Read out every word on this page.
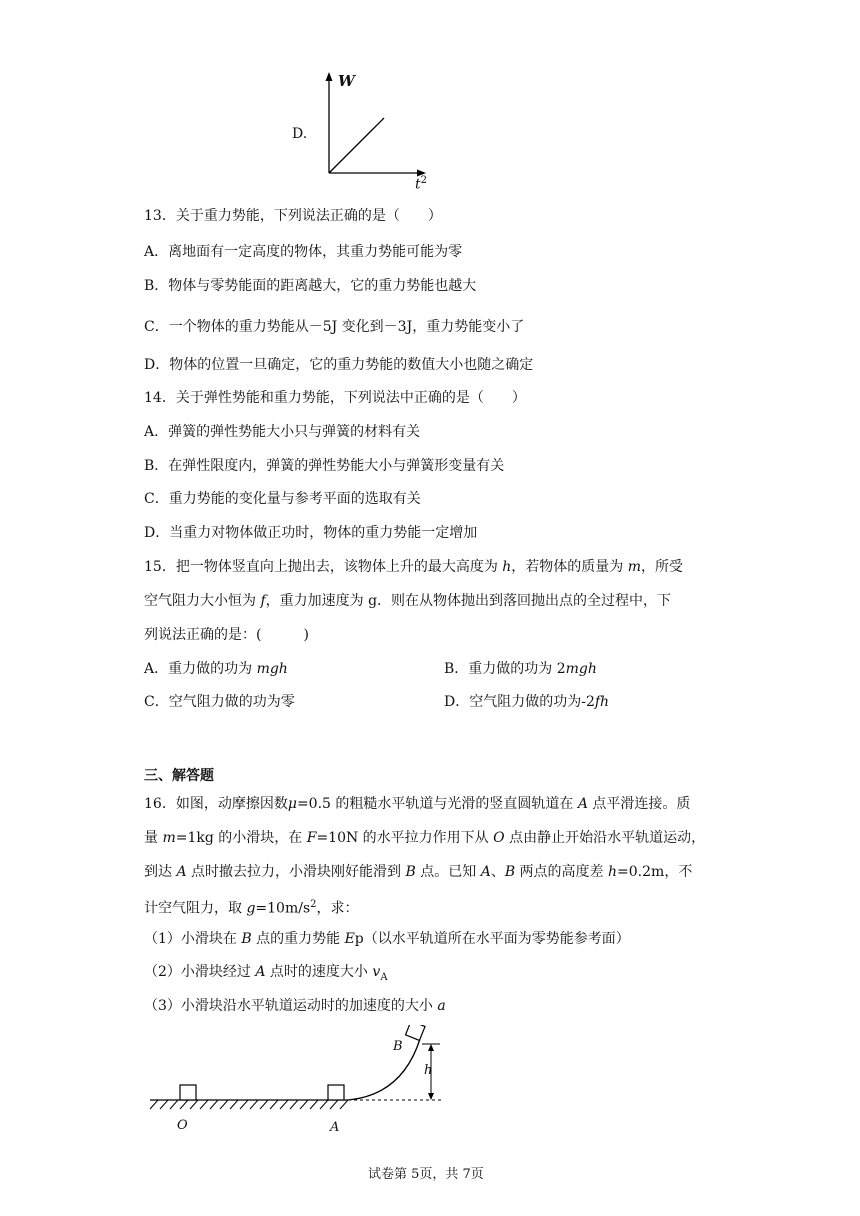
D.
W
$t^2$
13．关于重力势能，下列说法正确的是（　　）
A．离地面有一定高度的物体，其重力势能可能为零
B．物体与零势能面的距离越大，它的重力势能也越大
C．一个物体的重力势能从－5J 变化到－3J，重力势能变小了
D．物体的位置一旦确定，它的重力势能的数值大小也随之确定
14．关于弹性势能和重力势能，下列说法中正确的是（　　）
A．弹簧的弹性势能大小只与弹簧的材料有关
B．在弹性限度内，弹簧的弹性势能大小与弹簧形变量有关
C．重力势能的变化量与参考平面的选取有关
D．当重力对物体做正功时，物体的重力势能一定增加
15．把一物体竖直向上抛出去，该物体上升的最大高度为 h，若物体的质量为 m，所受
空气阻力大小恒为 f，重力加速度为 g．则在从物体抛出到落回抛出点的全过程中，下
列说法正确的是：(　　　)
A．重力做的功为 mgh	B．重力做的功为 2mgh
C．空气阻力做的功为零	D．空气阻力做的功为-2fh
三、解答题
16．如图，动摩擦因数μ=0.5 的粗糙水平轨道与光滑的竖直圆轨道在 A 点平滑连接。质
量 m=1kg 的小滑块，在 F=10N 的水平拉力作用下从 O 点由静止开始沿水平轨道运动，
到达 A 点时撤去拉力，小滑块刚好能滑到 B 点。已知 A、B 两点的高度差 h=0.2m，不
计空气阻力，取 $g=10m/s^2$，求：
（1）小滑块在 B 点的重力势能 Ep（以水平轨道所在水平面为零势能参考面）
（2）小滑块经过 A 点时的速度大小 $v_A$
（3）小滑块沿水平轨道运动时的加速度的大小 a
B
h
O	A
试卷第 5页，共 7页
